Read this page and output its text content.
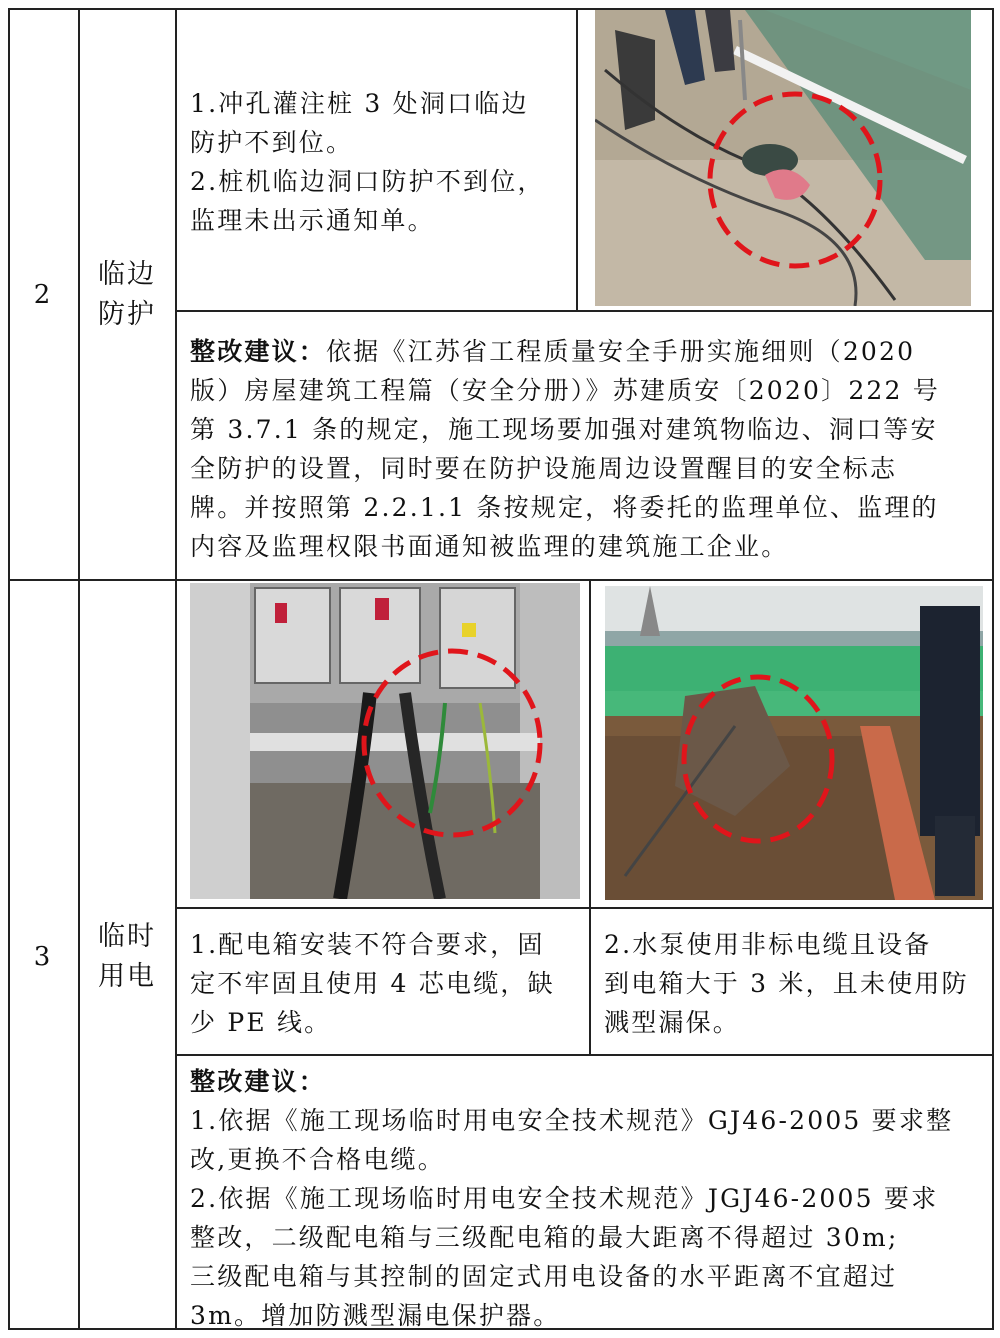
2
临边
防护
1.冲孔灌注桩 3 处洞口临边
防护不到位。
2.桩机临边洞口防护不到位，
监理未出示通知单。
整改建议：依据《江苏省工程质量安全手册实施细则（2020
版）房屋建筑工程篇（安全分册）》苏建质安〔2020〕222 号
第 3.7.1 条的规定，施工现场要加强对建筑物临边、洞口等安
全防护的设置，同时要在防护设施周边设置醒目的安全标志
牌。并按照第 2.2.1.1 条按规定，将委托的监理单位、监理的
内容及监理权限书面通知被监理的建筑施工企业。
3
临时
用电
1.配电箱安装不符合要求，固
定不牢固且使用 4 芯电缆，缺
少 PE 线。
2.水泵使用非标电缆且设备
到电箱大于 3 米，且未使用防
溅型漏保。
整改建议：
1.依据《施工现场临时用电安全技术规范》GJ46-2005 要求整
改,更换不合格电缆。
2.依据《施工现场临时用电安全技术规范》JGJ46-2005 要求
整改，二级配电箱与三级配电箱的最大距离不得超过 30m;
三级配电箱与其控制的固定式用电设备的水平距离不宜超过
3m。增加防溅型漏电保护器。
